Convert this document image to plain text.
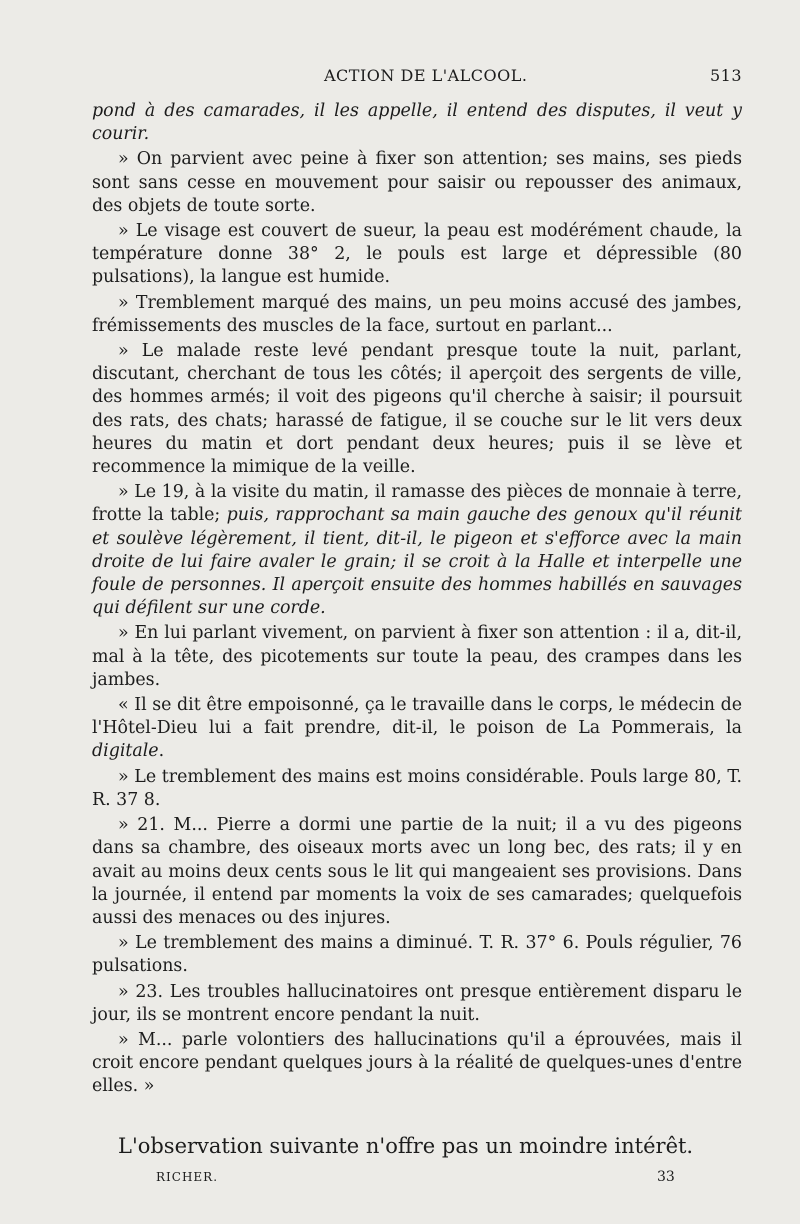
ACTION DE L'ALCOOL.	513

pond à des camarades, il les appelle, il entend des disputes, il veut y courir.

» On parvient avec peine à fixer son attention; ses mains, ses pieds sont sans cesse en mouvement pour saisir ou repousser des animaux, des objets de toute sorte.

» Le visage est couvert de sueur, la peau est modérément chaude, la température donne 38° 2, le pouls est large et dépressible (80 pulsations), la langue est humide.

» Tremblement marqué des mains, un peu moins accusé des jambes, frémissements des muscles de la face, surtout en parlant...

» Le malade reste levé pendant presque toute la nuit, parlant, discutant, cherchant de tous les côtés; il aperçoit des sergents de ville, des hommes armés; il voit des pigeons qu'il cherche à saisir; il poursuit des rats, des chats; harassé de fatigue, il se couche sur le lit vers deux heures du matin et dort pendant deux heures; puis il se lève et recommence la mimique de la veille.

» Le 19, à la visite du matin, il ramasse des pièces de monnaie à terre, frotte la table; puis, rapprochant sa main gauche des genoux qu'il réunit et soulève légèrement, il tient, dit-il, le pigeon et s'efforce avec la main droite de lui faire avaler le grain; il se croit à la Halle et interpelle une foule de personnes. Il aperçoit ensuite des hommes habillés en sauvages qui défilent sur une corde.

» En lui parlant vivement, on parvient à fixer son attention : il a, dit-il, mal à la tête, des picotements sur toute la peau, des crampes dans les jambes.

« Il se dit être empoisonné, ça le travaille dans le corps, le médecin de l'Hôtel-Dieu lui a fait prendre, dit-il, le poison de La Pommerais, la digitale.

» Le tremblement des mains est moins considérable. Pouls large 80, T. R. 37 8.

» 21. M... Pierre a dormi une partie de la nuit; il a vu des pigeons dans sa chambre, des oiseaux morts avec un long bec, des rats; il y en avait au moins deux cents sous le lit qui mangeaient ses provisions. Dans la journée, il entend par moments la voix de ses camarades; quelquefois aussi des menaces ou des injures.

» Le tremblement des mains a diminué. T. R. 37° 6. Pouls régulier, 76 pulsations.

» 23. Les troubles hallucinatoires ont presque entièrement disparu le jour, ils se montrent encore pendant la nuit.

» M... parle volontiers des hallucinations qu'il a éprouvées, mais il croit encore pendant quelques jours à la réalité de quelques-unes d'entre elles. »

L'observation suivante n'offre pas un moindre intérêt.
RICHER.	33
